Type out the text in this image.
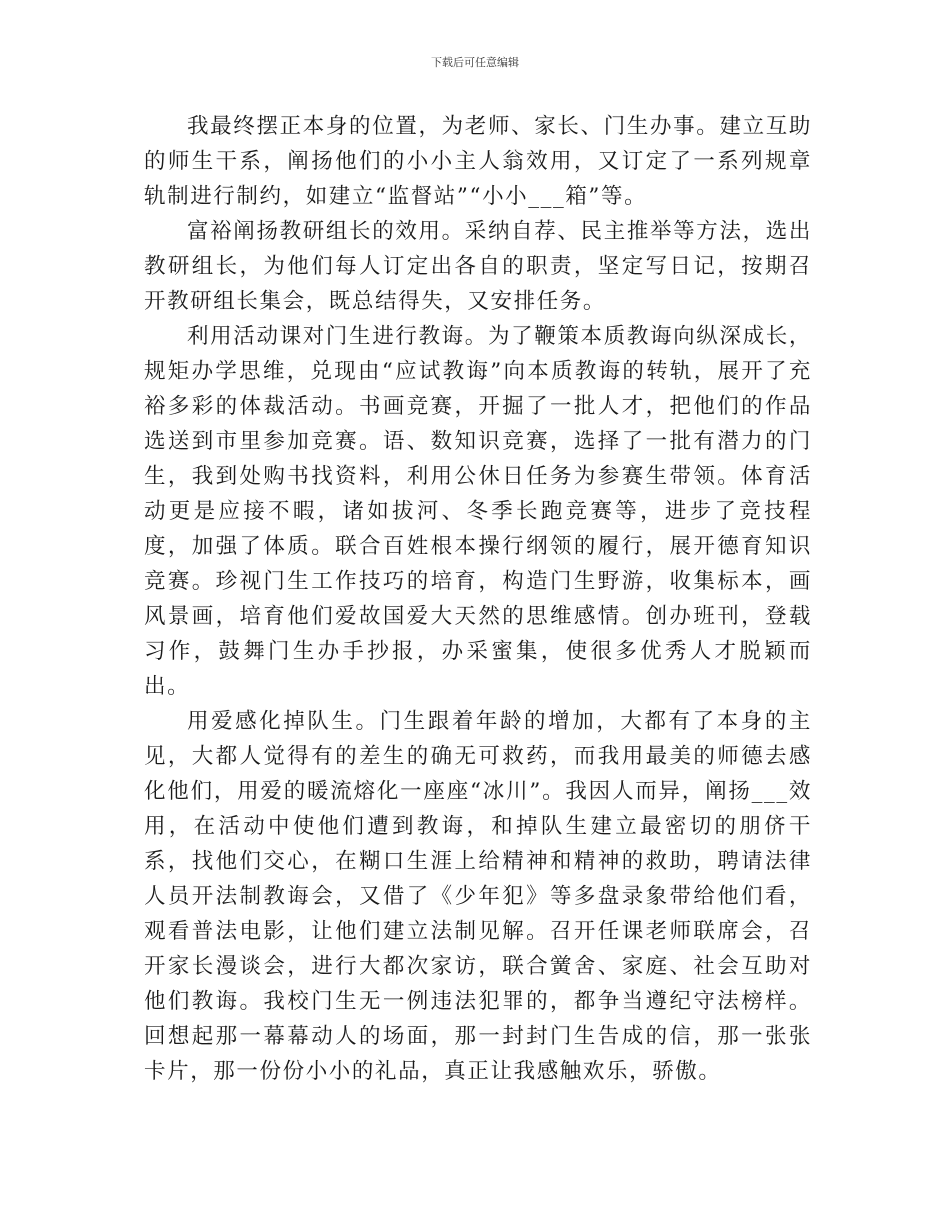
下载后可任意编辑

我最终摆正本身的位置，为老师、家长、门生办事。建立互助的师生干系，阐扬他们的小小主人翁效用，又订定了一系列规章轨制进行制约，如建立“监督站”“小小___箱”等。

富裕阐扬教研组长的效用。采纳自荐、民主推举等方法，选出教研组长，为他们每人订定出各自的职责，坚定写日记，按期召开教研组长集会，既总结得失，又安排任务。

利用活动课对门生进行教诲。为了鞭策本质教诲向纵深成长，规矩办学思维，兑现由“应试教诲”向本质教诲的转轨，展开了充裕多彩的体裁活动。书画竞赛，开掘了一批人才，把他们的作品选送到市里参加竞赛。语、数知识竞赛，选择了一批有潜力的门生，我到处购书找资料，利用公休日任务为参赛生带领。体育活动更是应接不暇，诸如拔河、冬季长跑竞赛等，进步了竞技程度，加强了体质。联合百姓根本操行纲领的履行，展开德育知识竞赛。珍视门生工作技巧的培育，构造门生野游，收集标本，画风景画，培育他们爱故国爱大天然的思维感情。创办班刊，登载习作，鼓舞门生办手抄报，办采蜜集，使很多优秀人才脱颖而出。

用爱感化掉队生。门生跟着年龄的增加，大都有了本身的主见，大都人觉得有的差生的确无可救药，而我用最美的师德去感化他们，用爱的暖流熔化一座座“冰川”。我因人而异，阐扬___效用，在活动中使他们遭到教诲，和掉队生建立最密切的朋侪干系，找他们交心，在糊口生涯上给精神和精神的救助，聘请法律人员开法制教诲会，又借了《少年犯》等多盘录象带给他们看，观看普法电影，让他们建立法制见解。召开任课老师联席会，召开家长漫谈会，进行大都次家访，联合黉舍、家庭、社会互助对他们教诲。我校门生无一例违法犯罪的，都争当遵纪守法榜样。回想起那一幕幕动人的场面，那一封封门生告成的信，那一张张卡片，那一份份小小的礼品，真正让我感触欢乐，骄傲。
